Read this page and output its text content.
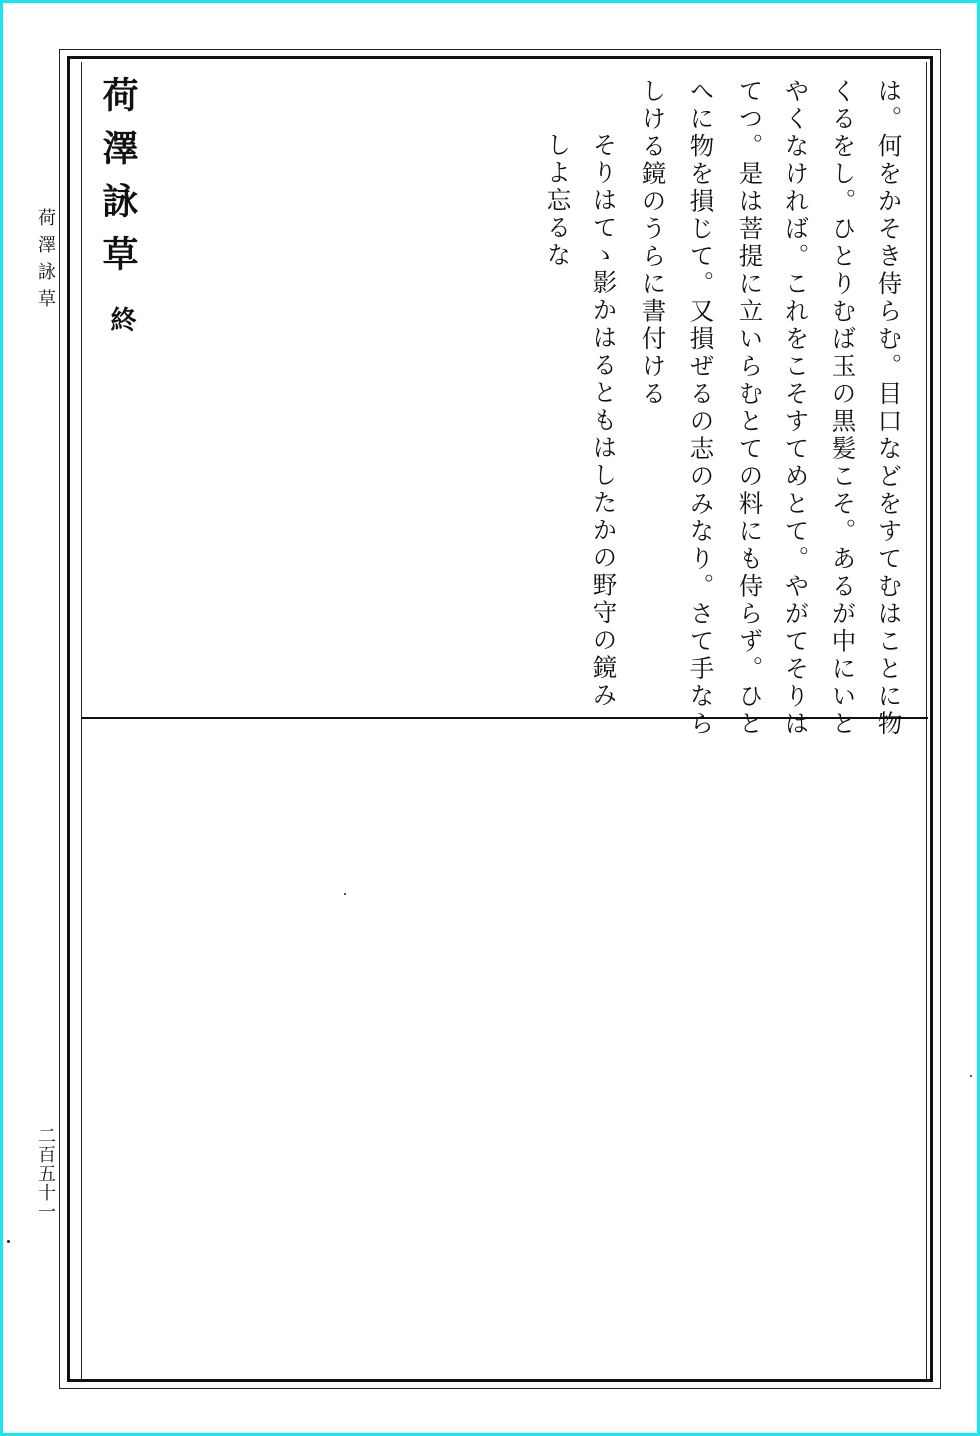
荷澤詠草
二百五十一
荷澤詠草
終	は。何をかそき侍らむ。目口などをすてむはことに物
くるをし。ひとりむば玉の黒髪こそ。あるが中にいと
やくなければ。これをこそすてめとて。やがてそりは
てつ。是は菩提に立いらむとての料にも侍らず。ひと
へに物を損じて。又損ぜるの志のみなり。さて手なら
しける鏡のうらに書付ける
そりはてゝ影かはるともはしたかの野守の鏡み
しよ忘るな
